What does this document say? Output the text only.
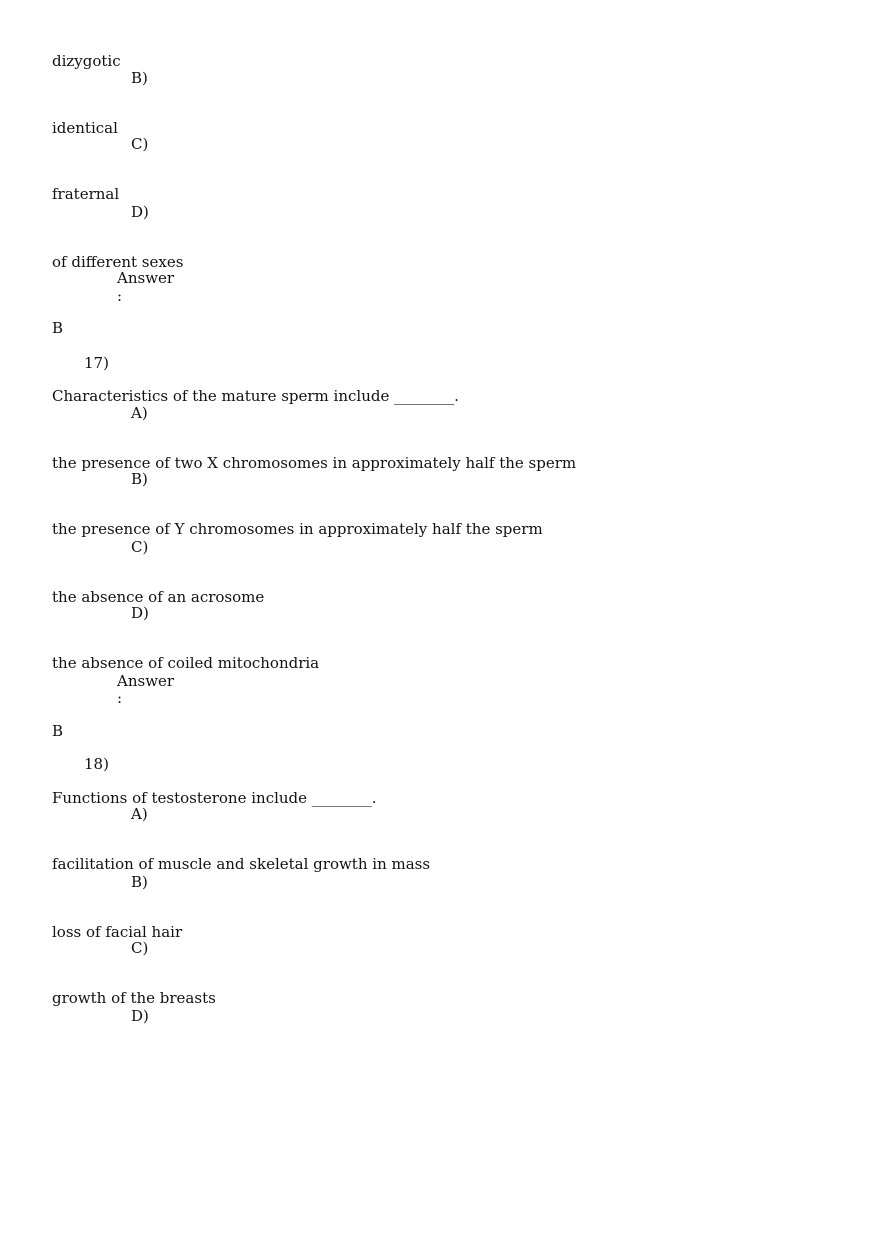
dizygotic
B)
identical
C)
fraternal
D)
of different sexes
Answer
:
B
17)
Characteristics of the mature sperm include ________.
A)
the presence of two X chromosomes in approximately half the sperm
B)
the presence of Y chromosomes in approximately half the sperm
C)
the absence of an acrosome
D)
the absence of coiled mitochondria
Answer
:
B
18)
Functions of testosterone include ________.
A)
facilitation of muscle and skeletal growth in mass
B)
loss of facial hair
C)
growth of the breasts
D)
